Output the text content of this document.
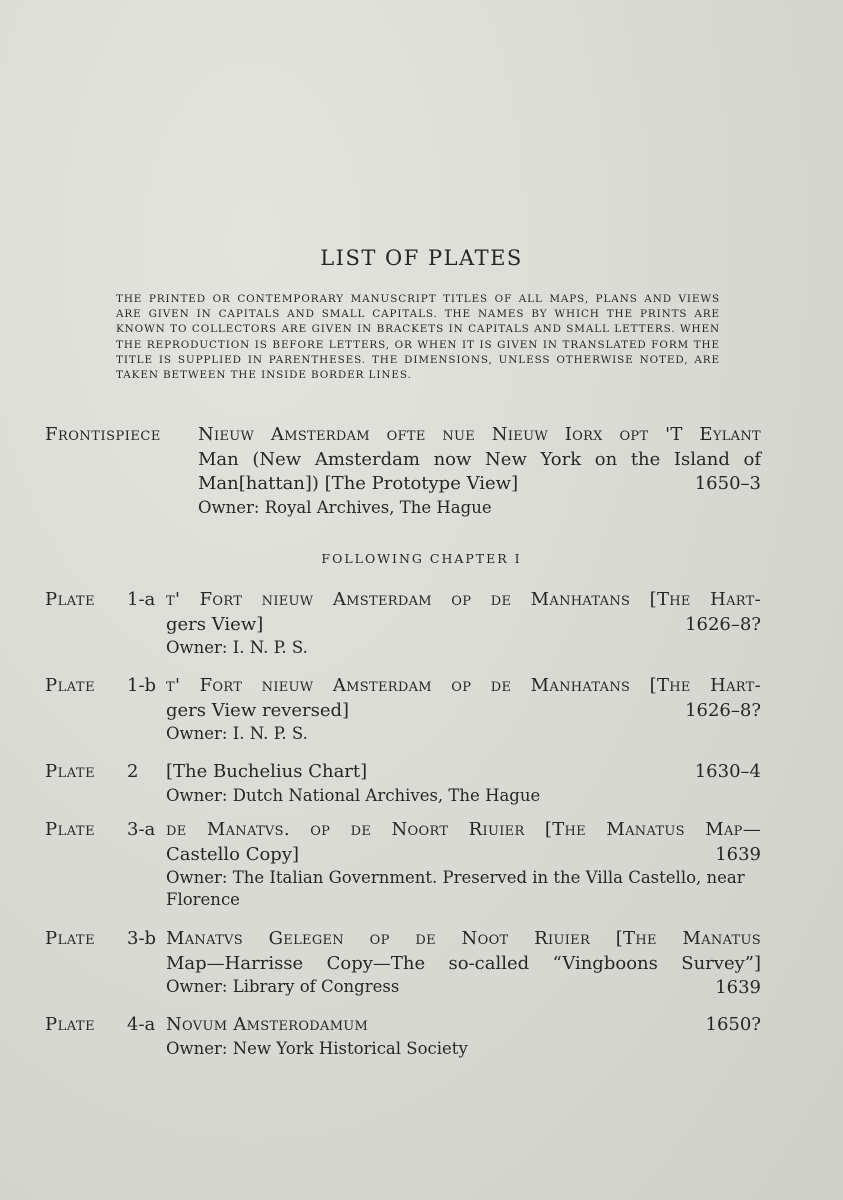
LIST OF PLATES
THE PRINTED OR CONTEMPORARY MANUSCRIPT TITLES OF ALL MAPS, PLANS AND VIEWS ARE GIVEN IN CAPITALS AND SMALL CAPITALS. THE NAMES BY WHICH THE PRINTS ARE KNOWN TO COLLECTORS ARE GIVEN IN BRACKETS IN CAPITALS AND SMALL LETTERS. WHEN THE REPRODUCTION IS BEFORE LETTERS, OR WHEN IT IS GIVEN IN TRANSLATED FORM THE TITLE IS SUPPLIED IN PARENTHESES. THE DIMENSIONS, UNLESS OTHERWISE NOTED, ARE TAKEN BETWEEN THE INSIDE BORDER LINES.
Frontispiece Nieuw Amsterdam ofte nue Nieuw Iorx opt 'T Eylant
Man (New Amsterdam now New York on the Island of
Man[hattan]) [The Prototype View]	1650–3
Owner: Royal Archives, The Hague
FOLLOWING CHAPTER I
Plate 1-a t' Fort nieuw Amsterdam op de Manhatans [The Hart-
gers View]	1626–8?
Owner: I. N. P. S.
Plate 1-b t' Fort nieuw Amsterdam op de Manhatans [The Hart-
gers View reversed]	1626–8?
Owner: I. N. P. S.
Plate 2 [The Buchelius Chart]	1630–4
Owner: Dutch National Archives, The Hague
Plate 3-a de Manatvs. op de Noort Riuier [The Manatus Map—
Castello Copy]	1639
Owner: The Italian Government. Preserved in the Villa Castello, near Florence
Plate 3-b Manatvs Gelegen op de Noot Riuier [The Manatus
Map—Harrisse Copy—The so-called “Vingboons Survey”]
Owner: Library of Congress	1639
Plate 4-a Novum Amsterodamum	1650?
Owner: New York Historical Society
